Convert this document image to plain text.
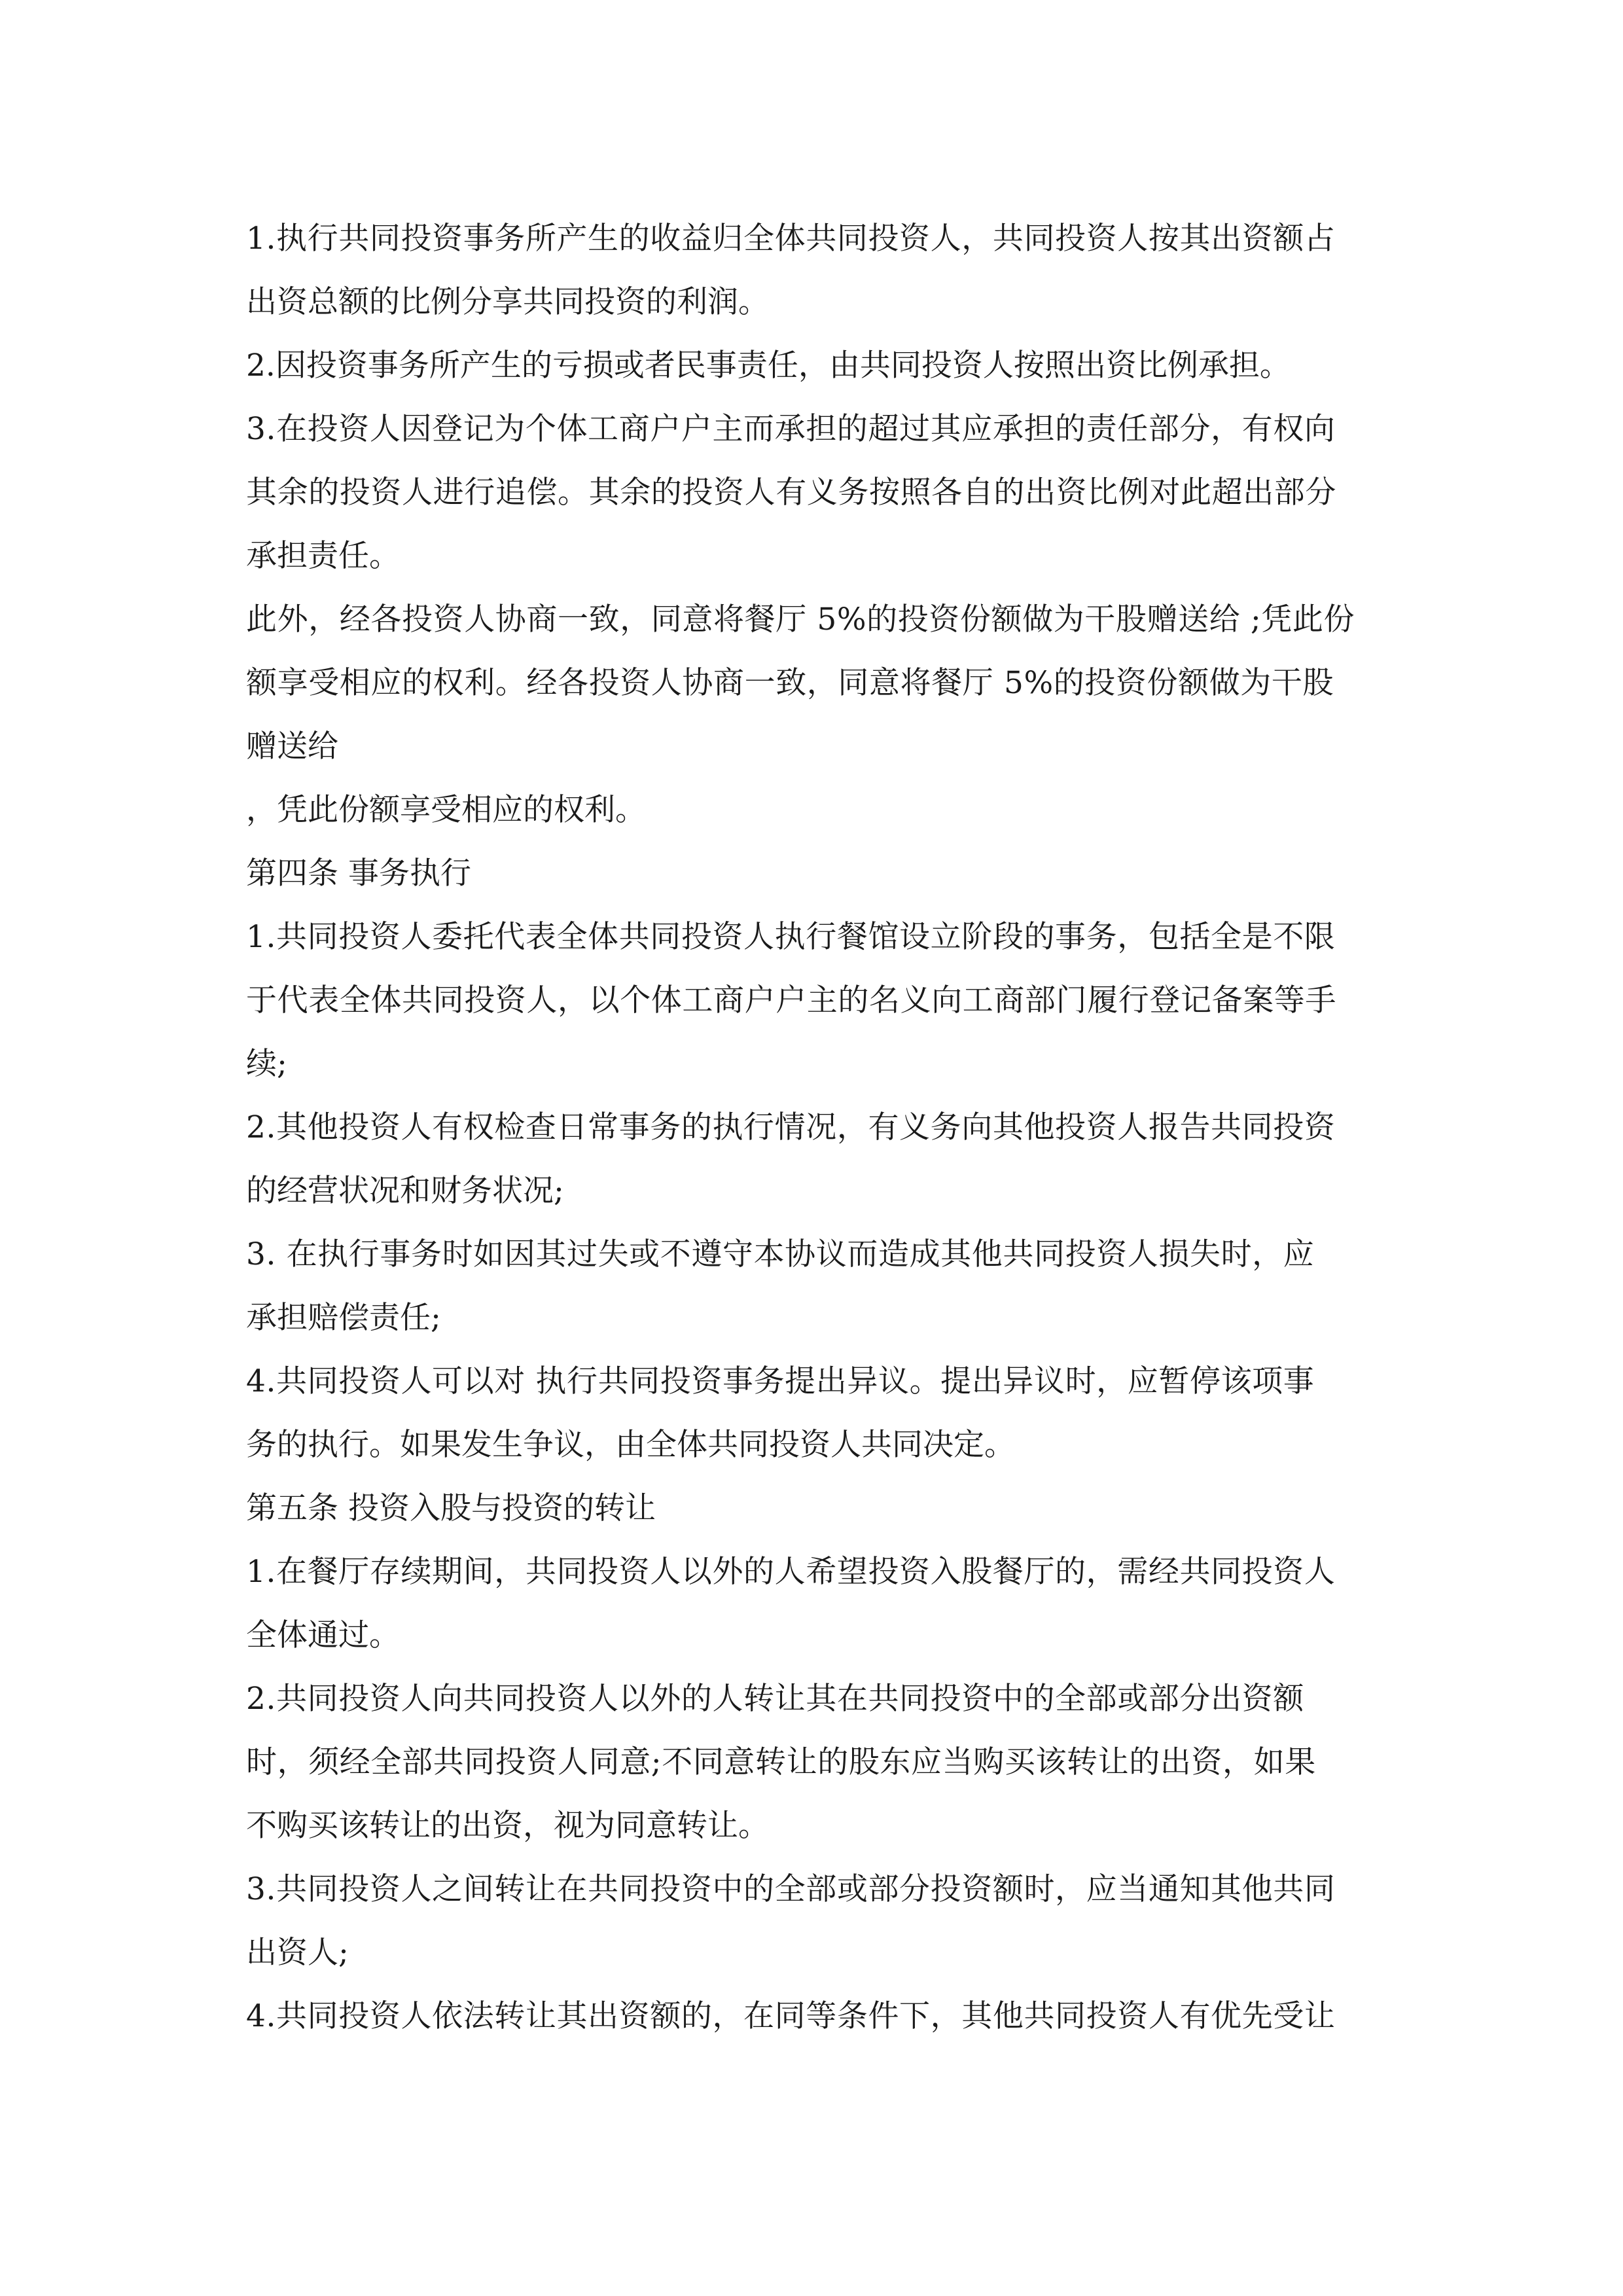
1.执行共同投资事务所产生的收益归全体共同投资人，共同投资人按其出资额占
出资总额的比例分享共同投资的利润。
2.因投资事务所产生的亏损或者民事责任，由共同投资人按照出资比例承担。
3.在投资人因登记为个体工商户户主而承担的超过其应承担的责任部分，有权向
其余的投资人进行追偿。其余的投资人有义务按照各自的出资比例对此超出部分
承担责任。
此外，经各投资人协商一致，同意将餐厅 5%的投资份额做为干股赠送给 ;凭此份
额享受相应的权利。经各投资人协商一致，同意将餐厅 5%的投资份额做为干股
赠送给
，凭此份额享受相应的权利。
第四条 事务执行
1.共同投资人委托代表全体共同投资人执行餐馆设立阶段的事务，包括全是不限
于代表全体共同投资人，以个体工商户户主的名义向工商部门履行登记备案等手
续;
2.其他投资人有权检查日常事务的执行情况，有义务向其他投资人报告共同投资
的经营状况和财务状况;
3. 在执行事务时如因其过失或不遵守本协议而造成其他共同投资人损失时，应
承担赔偿责任;
4.共同投资人可以对 执行共同投资事务提出异议。提出异议时，应暂停该项事
务的执行。如果发生争议，由全体共同投资人共同决定。
第五条 投资入股与投资的转让
1.在餐厅存续期间，共同投资人以外的人希望投资入股餐厅的，需经共同投资人
全体通过。
2.共同投资人向共同投资人以外的人转让其在共同投资中的全部或部分出资额
时，须经全部共同投资人同意;不同意转让的股东应当购买该转让的出资，如果
不购买该转让的出资，视为同意转让。
3.共同投资人之间转让在共同投资中的全部或部分投资额时，应当通知其他共同
出资人;
4.共同投资人依法转让其出资额的，在同等条件下，其他共同投资人有优先受让
